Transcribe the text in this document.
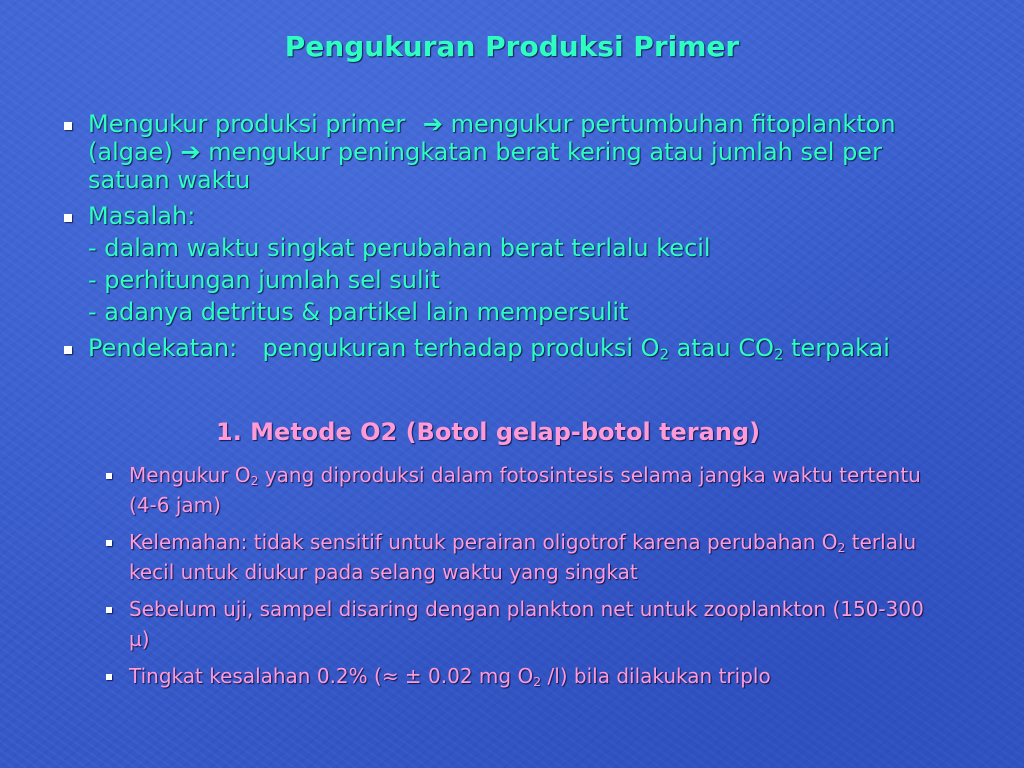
Pengukuran Produksi Primer
Mengukur produksi primer ➔ mengukur pertumbuhan fitoplankton (algae) ➔ mengukur peningkatan berat kering atau jumlah sel per satuan waktu
Masalah:
- dalam waktu singkat perubahan berat terlalu kecil
- perhitungan jumlah sel sulit
- adanya detritus & partikel lain mempersulit
Pendekatan: pengukuran terhadap produksi $O_2$ atau $CO_2$ terpakai
1. Metode O2 (Botol gelap-botol terang)
Mengukur $O_2$ yang diproduksi dalam fotosintesis selama jangka waktu tertentu (4-6 jam)
Kelemahan: tidak sensitif untuk perairan oligotrof karena perubahan $O_2$ terlalu kecil untuk diukur pada selang waktu yang singkat
Sebelum uji, sampel disaring dengan plankton net untuk zooplankton (150-300 µ)
Tingkat kesalahan 0.2% (≈ ± 0.02 mg $O_2$ /l) bila dilakukan triplo
